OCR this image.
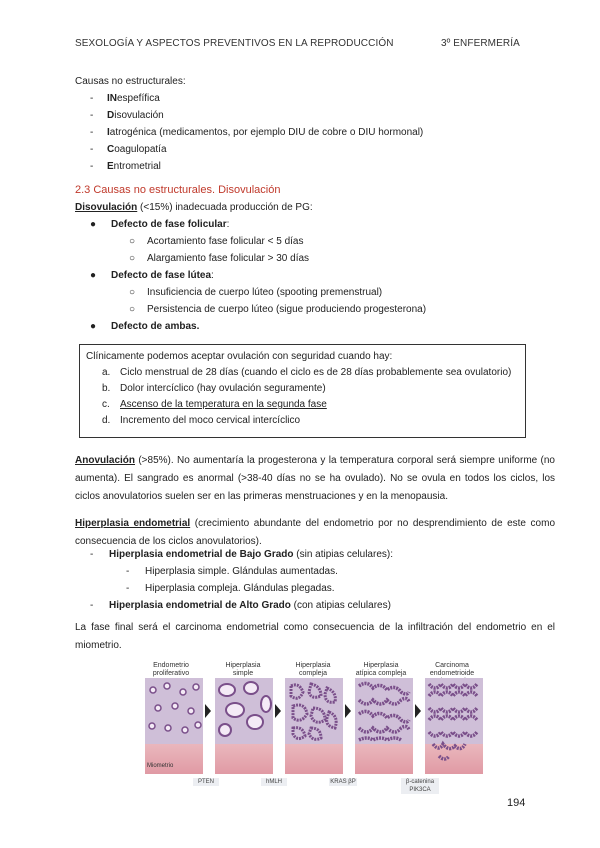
SEXOLOGÍA Y ASPECTOS PREVENTIVOS EN LA REPRODUCCIÓN	3º ENFERMERÍA
Causas no estructurales:
- INespefífica
- Disovulación
- Iatrogénica (medicamentos, por ejemplo DIU de cobre o DIU hormonal)
- Coagulopatía
- Entrometrial
2.3 Causas no estructurales. Disovulación
Disovulación (<15%) inadecuada producción de PG:
● Defecto de fase folicular:
○ Acortamiento fase folicular < 5 días
○ Alargamiento fase folicular > 30 días
● Defecto de fase lútea:
○ Insuficiencia de cuerpo lúteo (spooting premenstrual)
○ Persistencia de cuerpo lúteo (sigue produciendo progesterona)
● Defecto de ambas.
Clínicamente podemos aceptar ovulación con seguridad cuando hay:
a. Ciclo menstrual de 28 días (cuando el ciclo es de 28 días probablemente sea ovulatorio)
b. Dolor intercíclico (hay ovulación seguramente)
c. Ascenso de la temperatura en la segunda fase
d. Incremento del moco cervical intercíclico
Anovulación (>85%). No aumentaría la progesterona y la temperatura corporal será siempre uniforme (no aumenta). El sangrado es anormal (>38-40 días no se ha ovulado). No se ovula en todos los ciclos, los ciclos anovulatorios suelen ser en las primeras menstruaciones y en la menopausia.
Hiperplasia endometrial (crecimiento abundante del endometrio por no desprendimiento de este como consecuencia de los ciclos anovulatorios).
- Hiperplasia endometrial de Bajo Grado (sin atipias celulares):
- Hiperplasia simple. Glándulas aumentadas.
- Hiperplasia compleja. Glándulas plegadas.
- Hiperplasia endometrial de Alto Grado (con atipias celulares)
La fase final será el carcinoma endometrial como consecuencia de la infiltración del endometrio en el miometrio.
Endometrio proliferativo
Hiperplasia simple
Hiperplasia compleja
Hiperplasia atípica compleja
Carcinoma endometrioide
Miometrio
PTEN	hMLH	KRAS βP	β-catenina PIK3CA
194
